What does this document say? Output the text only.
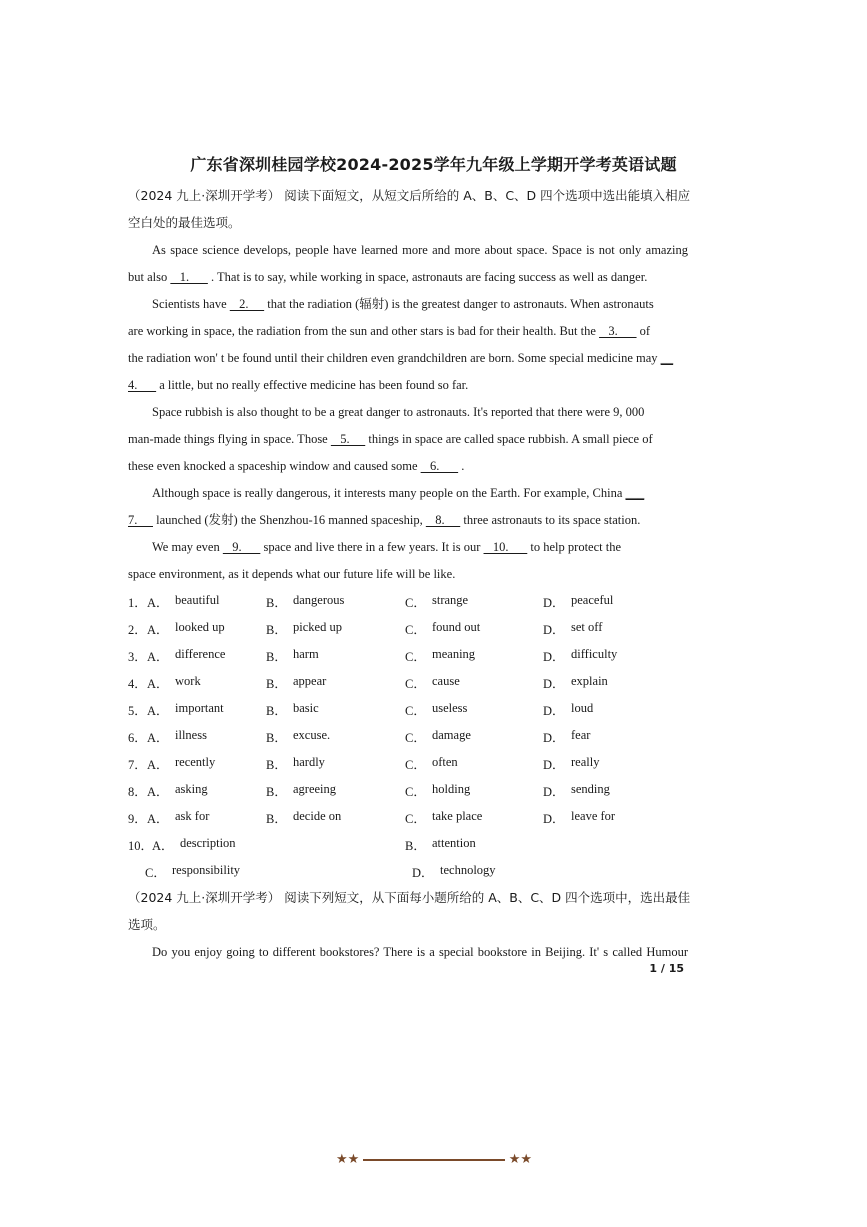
广东省深圳桂园学校2024-2025学年九年级上学期开学考英语试题
（2024 九上·深圳开学考） 阅读下面短文，从短文后所给的 A、B、C、D 四个选项中选出能填入相应
空白处的最佳选项。
As space science develops, people have learned more and more about space. Space is not only amazing
but also    1.       . That is to say, while working in space, astronauts are facing success as well as danger.
Scientists have    2.      that the radiation (辐射) is the greatest danger to astronauts. When astronauts
are working in space, the radiation from the sun and other stars is bad for their health. But the    3.       of
the radiation won' t be found until their children even grandchildren are born. Some special medicine may __
4.       a little, but no really effective medicine has been found so far.
Space rubbish is also thought to be a great danger to astronauts. It's reported that there were 9, 000
man-made things flying in space. Those    5.      things in space are called space rubbish. A small piece of
these even knocked a spaceship window and caused some    6.       .
Although space is really dangerous, it interests many people on the Earth. For example, China ___
7.      launched (发射) the Shenzhou-16 manned spaceship,    8.      three astronauts to its space station.
We may even    9.       space and live there in a few years. It is our    10.       to help protect the
space environment, as it depends what our future life will be like.
1． A． beautiful	B． dangerous	C． strange	D． peaceful
2． A． looked up	B． picked up	C． found out	D． set off
3． A． difference	B． harm	C． meaning	D． difficulty
4． A． work	B． appear	C． cause	D． explain
5． A． important	B． basic	C． useless	D． loud
6． A． illness	B． excuse.	C． damage	D． fear
7． A． recently	B． hardly	C． often	D． really
8． A． asking	B． agreeing	C． holding	D． sending
9． A． ask for	B． decide on	C． take place	D． leave for
10．
A． description	B． attention
C． responsibility	D． technology
（2024 九上·深圳开学考） 阅读下列短文，从下面每小题所给的 A、B、C、D 四个选项中，选出最佳
选项。
Do you enjoy going to different bookstores? There is a special bookstore in Beijing. It' s called Humour
1 / 15
★★	★★
